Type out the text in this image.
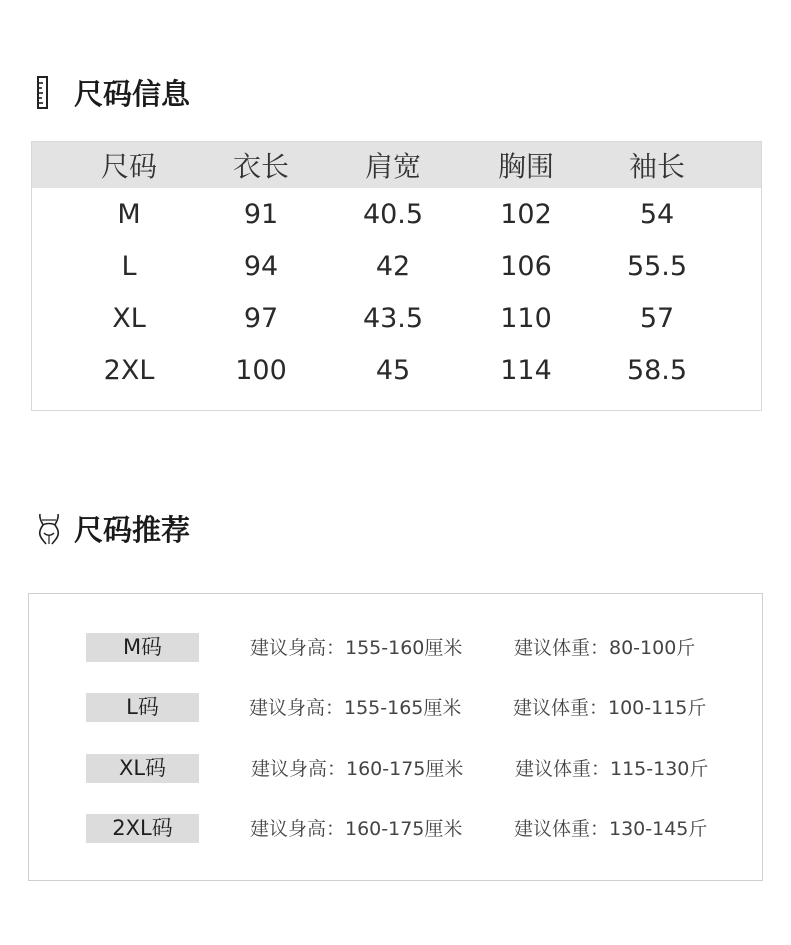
尺码信息
尺码	衣长	肩宽	胸围	袖长
M	91	40.5	102	54
L	94	42	106	55.5
XL	97	43.5	110	57
2XL	100	45	114	58.5
尺码推荐
M码	建议身高：155-160厘米	建议体重：80-100斤
L码	建议身高：155-165厘米	建议体重：100-115斤
XL码	建议身高：160-175厘米	建议体重：115-130斤
2XL码	建议身高：160-175厘米	建议体重：130-145斤
